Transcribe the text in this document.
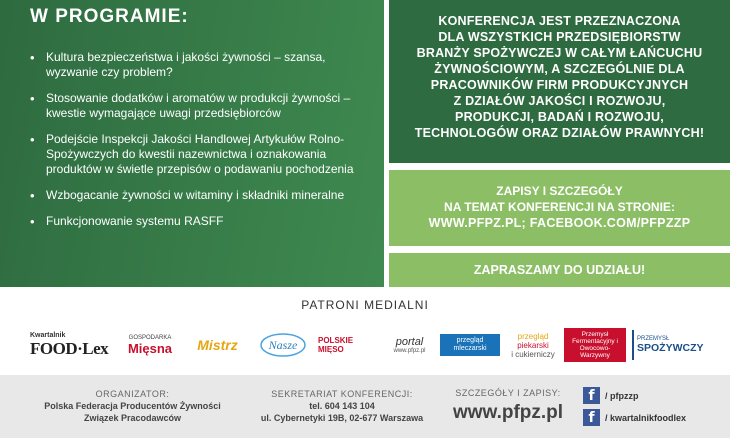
W PROGRAMIE:
• Kultura bezpieczeństwa i jakości żywności – szansa, wyzwanie czy problem?
• Stosowanie dodatków i aromatów w produkcji żywności – kwestie wymagające uwagi przedsiębiorców
• Podejście Inspekcji Jakości Handlowej Artykułów Rolno-Spożywczych do kwestii nazewnictwa i oznakowania produktów w świetle przepisów o podawaniu pochodzenia
• Wzbogacanie żywności w witaminy i składniki mineralne
• Funkcjonowanie systemu RASFF
KONFERENCJA JEST PRZEZNACZONA
DLA WSZYSTKICH PRZEDSIĘBIORSTW
BRANŻY SPOŻYWCZEJ W CAŁYM ŁAŃCUCHU
ŻYWNOŚCIOWYM, A SZCZEGÓLNIE DLA
PRACOWNIKÓW FIRM PRODUKCYJNYCH
Z DZIAŁÓW JAKOŚCI I ROZWOJU,
PRODUKCJI, BADAŃ I ROZWOJU,
TECHNOLOGÓW ORAZ DZIAŁÓW PRAWNYCH!
ZAPISY I SZCZEGÓŁY
NA TEMAT KONFERENCJI NA STRONIE:
WWW.PFPZ.PL; FACEBOOK.COM/PFPZZP
ZAPRASZAMY DO UDZIAŁU!
PATRONI MEDIALNI
Kwartalnik
FOOD·Lex
GOSPODARKA
Mięsna	Mistrz	Nasze	POLSKIE MIĘSO
portal
www.pfpz.pl
przegląd mleczarski
przegląd
piekarski
i cukierniczy
Przemysł Fermentacyjny i Owocowo-Warzywny
PRZEMYSŁ
SPOŻYWCZY
ORGANIZATOR:
Polska Federacja Producentów Żywności
Związek Pracodawców
SEKRETARIAT KONFERENCJI:
tel. 604 143 104
ul. Cybernetyki 19B, 02-677 Warszawa
SZCZEGÓŁY I ZAPISY:
www.pfpz.pl
f	/ pfpzzp
f	/ kwartalnikfoodlex
